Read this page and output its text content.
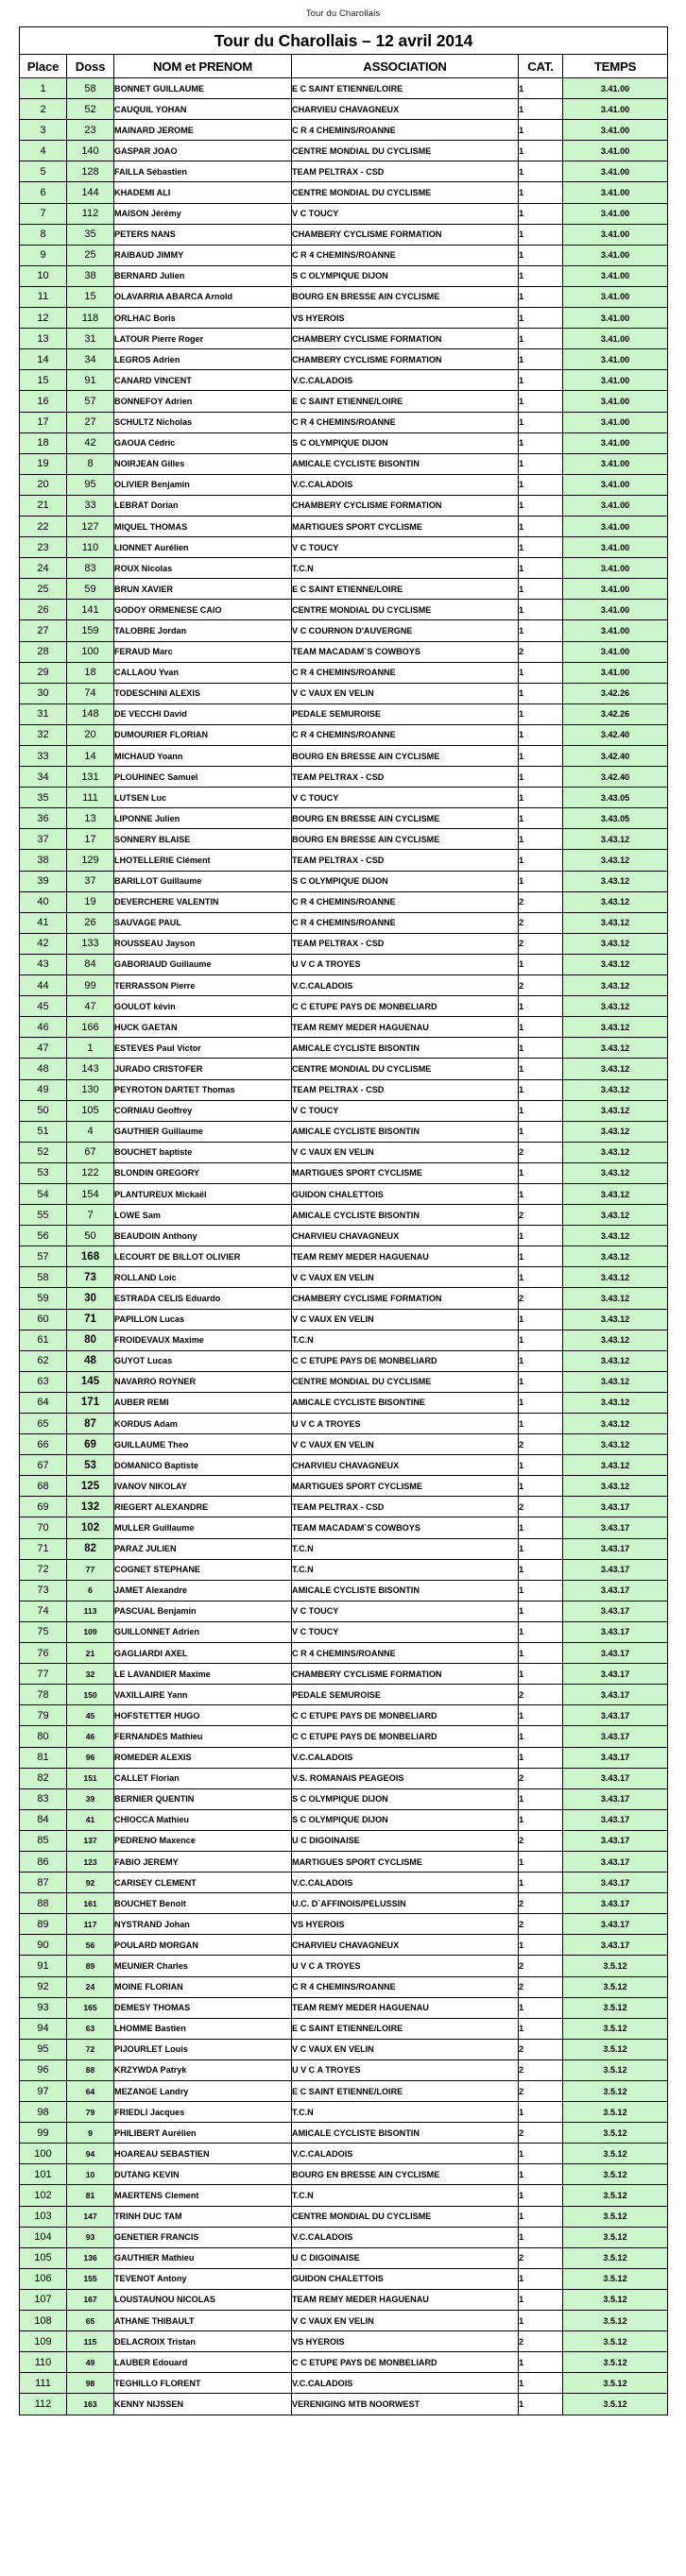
Tour du Charollais
Tour du Charollais – 12 avril 2014					
Place	Doss	NOM et PRENOM	ASSOCIATION	CAT.	TEMPS
1	58	BONNET GUILLAUME	E C SAINT ETIENNE/LOIRE	1	3.41.00
2	52	CAUQUIL YOHAN	CHARVIEU CHAVAGNEUX	1	3.41.00
3	23	MAINARD JEROME	C R 4 CHEMINS/ROANNE	1	3.41.00
4	140	GASPAR JOAO	CENTRE MONDIAL DU CYCLISME	1	3.41.00
5	128	FAILLA Sébastien	TEAM PELTRAX - CSD	1	3.41.00
6	144	KHADEMI ALI	CENTRE MONDIAL DU CYCLISME	1	3.41.00
7	112	MAISON Jérémy	V C TOUCY	1	3.41.00
8	35	PETERS NANS	CHAMBERY CYCLISME FORMATION	1	3.41.00
9	25	RAIBAUD JIMMY	C R 4 CHEMINS/ROANNE	1	3.41.00
10	38	BERNARD Julien	S C OLYMPIQUE DIJON	1	3.41.00
11	15	OLAVARRIA ABARCA Arnold	BOURG EN BRESSE AIN CYCLISME	1	3.41.00
12	118	ORLHAC Boris	VS HYEROIS	1	3.41.00
13	31	LATOUR Pierre Roger	CHAMBERY CYCLISME FORMATION	1	3.41.00
14	34	LEGROS Adrien	CHAMBERY CYCLISME FORMATION	1	3.41.00
15	91	CANARD VINCENT	V.C.CALADOIS	1	3.41.00
16	57	BONNEFOY Adrien	E C SAINT ETIENNE/LOIRE	1	3.41.00
17	27	SCHULTZ Nicholas	C R 4 CHEMINS/ROANNE	1	3.41.00
18	42	GAOUA Cédric	S C OLYMPIQUE DIJON	1	3.41.00
19	8	NOIRJEAN Gilles	AMICALE CYCLISTE BISONTIN	1	3.41.00
20	95	OLIVIER Benjamin	V.C.CALADOIS	1	3.41.00
21	33	LEBRAT Dorian	CHAMBERY CYCLISME FORMATION	1	3.41.00
22	127	MIQUEL THOMAS	MARTIGUES SPORT CYCLISME	1	3.41.00
23	110	LIONNET Aurélien	V C TOUCY	1	3.41.00
24	83	ROUX Nicolas	T.C.N	1	3.41.00
25	59	BRUN XAVIER	E C SAINT ETIENNE/LOIRE	1	3.41.00
26	141	GODOY ORMENESE CAIO	CENTRE MONDIAL DU CYCLISME	1	3.41.00
27	159	TALOBRE Jordan	V C COURNON D'AUVERGNE	1	3.41.00
28	100	FERAUD Marc	TEAM MACADAM`S COWBOYS	2	3.41.00
29	18	CALLAOU Yvan	C R 4 CHEMINS/ROANNE	1	3.41.00
30	74	TODESCHINI ALEXIS	V C VAUX EN VELIN	1	3.42.26
31	148	DE VECCHI David	PEDALE SEMUROISE	1	3.42.26
32	20	DUMOURIER FLORIAN	C R 4 CHEMINS/ROANNE	1	3.42.40
33	14	MICHAUD Yoann	BOURG EN BRESSE AIN CYCLISME	1	3.42.40
34	131	PLOUHINEC Samuel	TEAM PELTRAX - CSD	1	3.42.40
35	111	LUTSEN Luc	V C TOUCY	1	3.43.05
36	13	LIPONNE Julien	BOURG EN BRESSE AIN CYCLISME	1	3.43.05
37	17	SONNERY BLAISE	BOURG EN BRESSE AIN CYCLISME	1	3.43.12
38	129	LHOTELLERIE Clément	TEAM PELTRAX - CSD	1	3.43.12
39	37	BARILLOT Guillaume	S C OLYMPIQUE DIJON	1	3.43.12
40	19	DEVERCHERE VALENTIN	C R 4 CHEMINS/ROANNE	2	3.43.12
41	26	SAUVAGE PAUL	C R 4 CHEMINS/ROANNE	2	3.43.12
42	133	ROUSSEAU Jayson	TEAM PELTRAX - CSD	2	3.43.12
43	84	GABORIAUD Guillaume	U V C A TROYES	1	3.43.12
44	99	TERRASSON Pierre	V.C.CALADOIS	2	3.43.12
45	47	GOULOT kévin	C C ETUPE PAYS DE MONBELIARD	1	3.43.12
46	166	HUCK GAETAN	TEAM REMY MEDER HAGUENAU	1	3.43.12
47	1	ESTEVES Paul Victor	AMICALE CYCLISTE BISONTIN	1	3.43.12
48	143	JURADO CRISTOFER	CENTRE MONDIAL DU CYCLISME	1	3.43.12
49	130	PEYROTON DARTET Thomas	TEAM PELTRAX - CSD	1	3.43.12
50	105	CORNIAU Geoffrey	V C TOUCY	1	3.43.12
51	4	GAUTHIER Guillaume	AMICALE CYCLISTE BISONTIN	1	3.43.12
52	67	BOUCHET baptiste	V C VAUX EN VELIN	2	3.43.12
53	122	BLONDIN GREGORY	MARTIGUES SPORT CYCLISME	1	3.43.12
54	154	PLANTUREUX Mickaël	GUIDON CHALETTOIS	1	3.43.12
55	7	LOWE Sam	AMICALE CYCLISTE BISONTIN	2	3.43.12
56	50	BEAUDOIN Anthony	CHARVIEU CHAVAGNEUX	1	3.43.12
57	168	LECOURT DE BILLOT OLIVIER	TEAM REMY MEDER HAGUENAU	1	3.43.12
58	73	ROLLAND Loic	V C VAUX EN VELIN	1	3.43.12
59	30	ESTRADA CELIS Eduardo	CHAMBERY CYCLISME FORMATION	2	3.43.12
60	71	PAPILLON Lucas	V C VAUX EN VELIN	1	3.43.12
61	80	FROIDEVAUX Maxime	T.C.N	1	3.43.12
62	48	GUYOT Lucas	C C ETUPE PAYS DE MONBELIARD	1	3.43.12
63	145	NAVARRO ROYNER	CENTRE MONDIAL DU CYCLISME	1	3.43.12
64	171	AUBER REMI	AMICALE CYCLISTE BISONTINE	1	3.43.12
65	87	KORDUS Adam	U V C A TROYES	1	3.43.12
66	69	GUILLAUME Theo	V C VAUX EN VELIN	2	3.43.12
67	53	DOMANICO Baptiste	CHARVIEU CHAVAGNEUX	1	3.43.12
68	125	IVANOV NIKOLAY	MARTIGUES SPORT CYCLISME	1	3.43.12
69	132	RIEGERT ALEXANDRE	TEAM PELTRAX - CSD	2	3.43.17
70	102	MULLER Guillaume	TEAM MACADAM`S COWBOYS	1	3.43.17
71	82	PARAZ JULIEN	T.C.N	1	3.43.17
72	77	COGNET STEPHANE	T.C.N	1	3.43.17
73	6	JAMET Alexandre	AMICALE CYCLISTE BISONTIN	1	3.43.17
74	113	PASCUAL Benjamin	V C TOUCY	1	3.43.17
75	109	GUILLONNET Adrien	V C TOUCY	1	3.43.17
76	21	GAGLIARDI AXEL	C R 4 CHEMINS/ROANNE	1	3.43.17
77	32	LE LAVANDIER Maxime	CHAMBERY CYCLISME FORMATION	1	3.43.17
78	150	VAXILLAIRE Yann	PEDALE SEMUROISE	2	3.43.17
79	45	HOFSTETTER HUGO	C C ETUPE PAYS DE MONBELIARD	1	3.43.17
80	46	FERNANDES Mathieu	C C ETUPE PAYS DE MONBELIARD	1	3.43.17
81	96	ROMEDER ALEXIS	V.C.CALADOIS	1	3.43.17
82	151	CALLET Florian	V.S. ROMANAIS PEAGEOIS	2	3.43.17
83	39	BERNIER QUENTIN	S C OLYMPIQUE DIJON	1	3.43.17
84	41	CHIOCCA Mathieu	S C OLYMPIQUE DIJON	1	3.43.17
85	137	PEDRENO Maxence	U C DIGOINAISE	2	3.43.17
86	123	FABIO JEREMY	MARTIGUES SPORT CYCLISME	1	3.43.17
87	92	CARISEY CLEMENT	V.C.CALADOIS	1	3.43.17
88	161	BOUCHET Benoit	U.C. D`AFFINOIS/PELUSSIN	2	3.43.17
89	117	NYSTRAND Johan	VS HYEROIS	2	3.43.17
90	56	POULARD MORGAN	CHARVIEU CHAVAGNEUX	1	3.43.17
91	89	MEUNIER Charles	U V C A TROYES	2	3.5.12
92	24	MOINE FLORIAN	C R 4 CHEMINS/ROANNE	2	3.5.12
93	165	DEMESY THOMAS	TEAM REMY MEDER HAGUENAU	1	3.5.12
94	63	LHOMME Bastien	E C SAINT ETIENNE/LOIRE	1	3.5.12
95	72	PIJOURLET Louis	V C VAUX EN VELIN	2	3.5.12
96	88	KRZYWDA Patryk	U V C A TROYES	2	3.5.12
97	64	MEZANGE Landry	E C SAINT ETIENNE/LOIRE	2	3.5.12
98	79	FRIEDLI Jacques	T.C.N	1	3.5.12
99	9	PHILIBERT Aurélien	AMICALE CYCLISTE BISONTIN	2	3.5.12
100	94	HOAREAU SEBASTIEN	V.C.CALADOIS	1	3.5.12
101	10	DUTANG KEVIN	BOURG EN BRESSE AIN CYCLISME	1	3.5.12
102	81	MAERTENS Clement	T.C.N	1	3.5.12
103	147	TRINH DUC TAM	CENTRE MONDIAL DU CYCLISME	1	3.5.12
104	93	GENETIER FRANCIS	V.C.CALADOIS	1	3.5.12
105	136	GAUTHIER Mathieu	U C DIGOINAISE	2	3.5.12
106	155	TEVENOT Antony	GUIDON CHALETTOIS	1	3.5.12
107	167	LOUSTAUNOU NICOLAS	TEAM REMY MEDER HAGUENAU	1	3.5.12
108	65	ATHANE THIBAULT	V C VAUX EN VELIN	1	3.5.12
109	115	DELACROIX Tristan	VS HYEROIS	2	3.5.12
110	49	LAUBER Edouard	C C ETUPE PAYS DE MONBELIARD	1	3.5.12
111	98	TEGHILLO FLORENT	V.C.CALADOIS	1	3.5.12
112	163	KENNY NIJSSEN	VERENIGING MTB NOORWEST	1	3.5.12
